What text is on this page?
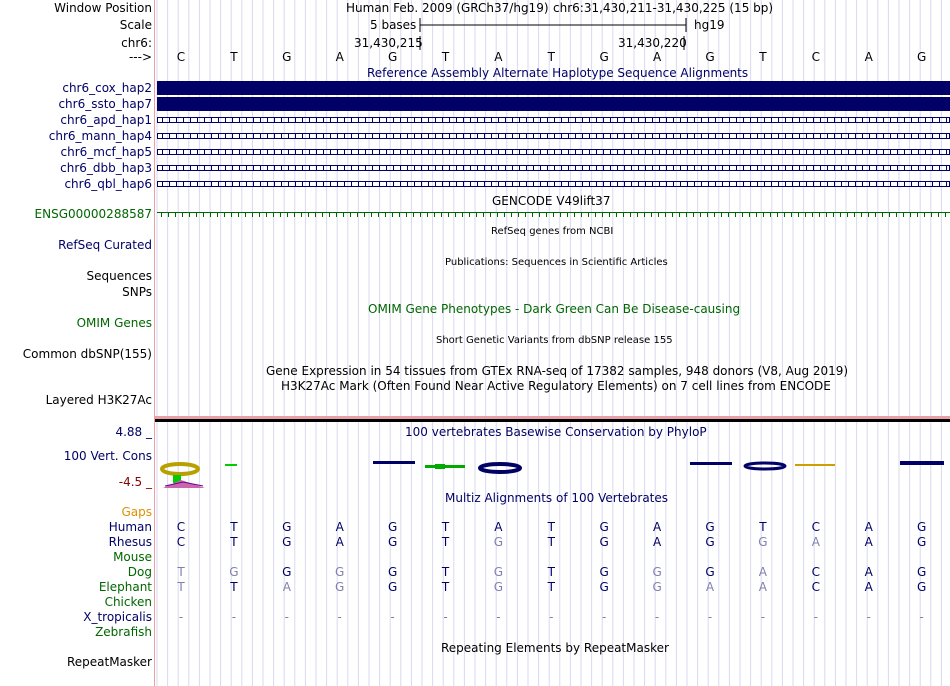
Window Position
Scale
chr6:
--->
Human Feb. 2009 (GRCh37/hg19) chr6:31,430,211-31,430,225 (15 bp)
5 bases	hg19
31,430,215	31,430,220
C	T	G	A	G	T	A	T	G	A	G	T	C	A	G
Reference Assembly Alternate Haplotype Sequence Alignments
chr6_cox_hap2
chr6_ssto_hap7
chr6_apd_hap1
chr6_mann_hap4
chr6_mcf_hap5
chr6_dbb_hap3
chr6_qbl_hap6
GENCODE V49lift37
ENSG00000288587
RefSeq genes from NCBI
RefSeq Curated
Publications: Sequences in Scientific Articles
Sequences
SNPs
OMIM Gene Phenotypes - Dark Green Can Be Disease-causing
OMIM Genes
Short Genetic Variants from dbSNP release 155
Common dbSNP(155)
Gene Expression in 54 tissues from GTEx RNA-seq of 17382 samples, 948 donors (V8, Aug 2019)
H3K27Ac Mark (Often Found Near Active Regulatory Elements) on 7 cell lines from ENCODE
Layered H3K27Ac
4.88 _	100 vertebrates Basewise Conservation by PhyloP
100 Vert. Cons
-4.5 _
Multiz Alignments of 100 Vertebrates
Gaps
Human C	T	G	A	G	T	A	T	G	A	G	T	C	A	G
Rhesus C	T	G	A	G	T	G	T	G	A	G	G	A	A	G
Mouse
Dog T	G	G	G	G	T	G	T	G	G	G	A	C	A	G
Elephant T	T	A	G	G	T	G	T	G	G	A	A	C	A	G
Chicken
X_tropicalis	-	-	-	-	-	-	-	-	-	-	-	-	-	-	-
Zebrafish
Repeating Elements by RepeatMasker
RepeatMasker
